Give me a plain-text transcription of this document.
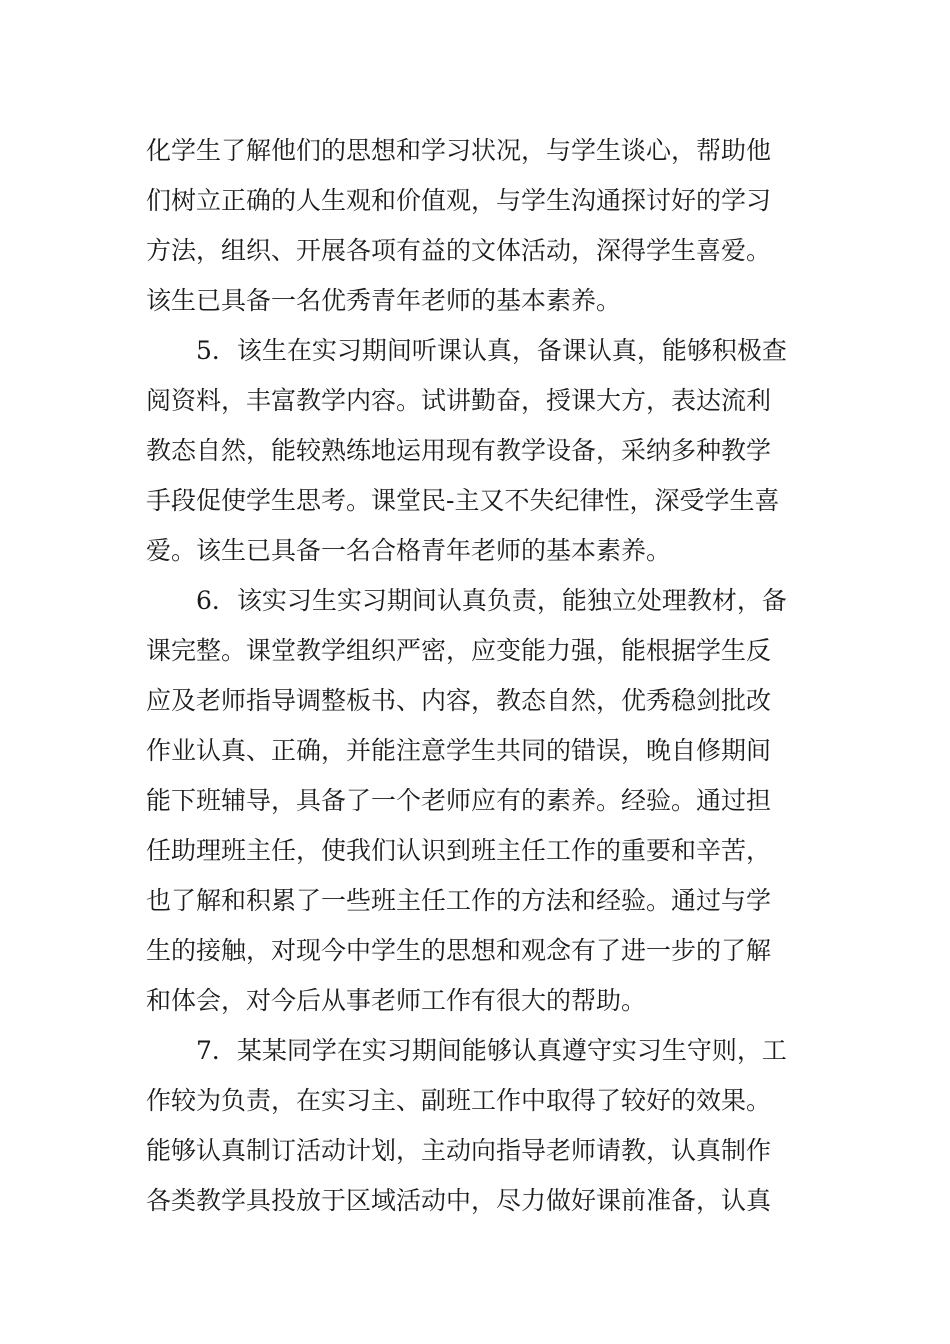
化学生了解他们的思想和学习状况，与学生谈心，帮助他
们树立正确的人生观和价值观，与学生沟通探讨好的学习
方法，组织、开展各项有益的文体活动，深得学生喜爱。
该生已具备一名优秀青年老师的基本素养。
5．该生在实习期间听课认真，备课认真，能够积极查
阅资料，丰富教学内容。试讲勤奋，授课大方，表达流利
教态自然，能较熟练地运用现有教学设备，采纳多种教学
手段促使学生思考。课堂民-主又不失纪律性，深受学生喜
爱。该生已具备一名合格青年老师的基本素养。
6．该实习生实习期间认真负责，能独立处理教材，备
课完整。课堂教学组织严密，应变能力强，能根据学生反
应及老师指导调整板书、内容，教态自然，优秀稳剑批改
作业认真、正确，并能注意学生共同的错误，晚自修期间
能下班辅导，具备了一个老师应有的素养。经验。通过担
任助理班主任，使我们认识到班主任工作的重要和辛苦，
也了解和积累了一些班主任工作的方法和经验。通过与学
生的接触，对现今中学生的思想和观念有了进一步的了解
和体会，对今后从事老师工作有很大的帮助。
7．某某同学在实习期间能够认真遵守实习生守则，工
作较为负责，在实习主、副班工作中取得了较好的效果。
能够认真制订活动计划，主动向指导老师请教，认真制作
各类教学具投放于区域活动中，尽力做好课前准备，认真
